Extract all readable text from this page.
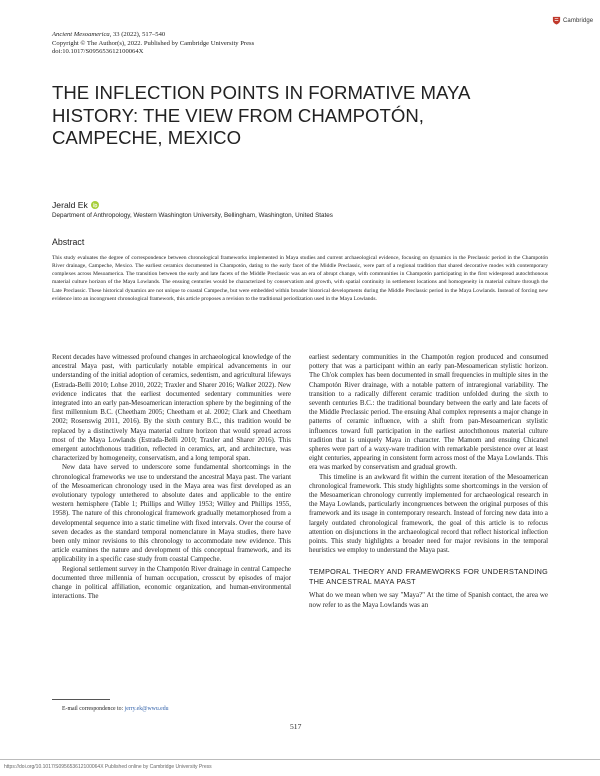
Ancient Mesoamerica, 33 (2022), 517–540
Copyright © The Author(s), 2022. Published by Cambridge University Press
doi:10.1017/S095653612100064X
Cambridge
THE INFLECTION POINTS IN FORMATIVE MAYA HISTORY: THE VIEW FROM CHAMPOTÓN, CAMPECHE, MEXICO
Jerald Ek
Department of Anthropology, Western Washington University, Bellingham, Washington, United States
Abstract
This study evaluates the degree of correspondence between chronological frameworks implemented in Maya studies and current archaeological evidence, focusing on dynamics in the Preclassic period in the Champotón River drainage, Campeche, Mexico. The earliest ceramics documented in Champotón, dating to the early facet of the Middle Preclassic, were part of a regional tradition that shared decorative modes with contemporary complexes across Mesoamerica. The transition between the early and late facets of the Middle Preclassic was an era of abrupt change, with communities in Champotón participating in the first widespread autochthonous material culture horizon of the Maya Lowlands. The ensuing centuries would be characterized by conservatism and growth, with spatial continuity in settlement locations and homogeneity in material culture through the Late Preclassic. These historical dynamics are not unique to coastal Campeche, but were embedded within broader historical developments during the Middle Preclassic period in the Maya Lowlands. Instead of forcing new evidence into an incongruent chronological framework, this article proposes a revision to the traditional periodization used in the Maya Lowlands.

Recent decades have witnessed profound changes in archaeological knowledge of the ancestral Maya past, with particularly notable empirical advancements in our understanding of the initial adoption of ceramics, sedentism, and agricultural lifeways (Estrada-Belli 2010; Lohse 2010, 2022; Traxler and Sharer 2016; Walker 2022). New evidence indicates that the earliest documented sedentary communities were integrated into an early pan-Mesoamerican interaction sphere by the beginning of the first millennium B.C. (Cheetham 2005; Cheetham et al. 2002; Clark and Cheetham 2002; Rosenswig 2011, 2016). By the sixth century B.C., this tradition would be replaced by a distinctively Maya material culture horizon that would spread across most of the Maya Lowlands (Estrada-Belli 2010; Traxler and Sharer 2016). This emergent autochthonous tradition, reflected in ceramics, art, and architecture, was characterized by homogeneity, conservatism, and a long temporal span.

New data have served to underscore some fundamental shortcomings in the chronological frameworks we use to understand the ancestral Maya past. The variant of the Mesoamerican chronology used in the Maya area was first developed as an evolutionary typology untethered to absolute dates and applicable to the entire western hemisphere (Table 1; Phillips and Willey 1953; Willey and Phillips 1955, 1958). The nature of this chronological framework gradually metamorphosed from a developmental sequence into a static timeline with fixed intervals. Over the course of seven decades as the standard temporal nomenclature in Maya studies, there have been only minor revisions to this chronology to accommodate new evidence. This article examines the nature and development of this conceptual framework, and its applicability in a specific case study from coastal Campeche.

Regional settlement survey in the Champotón River drainage in central Campeche documented three millennia of human occupation, crosscut by episodes of major change in political affiliation, economic organization, and human-environmental interactions. The

earliest sedentary communities in the Champotón region produced and consumed pottery that was a participant within an early pan-Mesoamerican stylistic horizon. The Ch'ok complex has been documented in small frequencies in multiple sites in the Champotón River drainage, with a notable pattern of intraregional variability. The transition to a radically different ceramic tradition unfolded during the sixth to seventh centuries B.C.: the traditional boundary between the early and late facets of the Middle Preclassic period. The ensuing Ahal complex represents a major change in patterns of ceramic influence, with a shift from pan-Mesoamerican stylistic influences toward full participation in the earliest autochthonous material culture tradition that is uniquely Maya in character. The Mamom and ensuing Chicanel spheres were part of a waxy-ware tradition with remarkable persistence over at least eight centuries, appearing in consistent form across most of the Maya Lowlands. This era was marked by conservatism and gradual growth.

This timeline is an awkward fit within the current iteration of the Mesoamerican chronological framework. This study highlights some shortcomings in the version of the Mesoamerican chronology currently implemented for archaeological research in the Maya Lowlands, particularly incongruences between the original purposes of this framework and its usage in contemporary research. Instead of forcing new data into a largely outdated chronological framework, the goal of this article is to refocus attention on disjunctions in the archaeological record that reflect historical inflection points. This study highlights a broader need for major revisions in the temporal heuristics we employ to understand the Maya past.

TEMPORAL THEORY AND FRAMEWORKS FOR UNDERSTANDING THE ANCESTRAL MAYA PAST

What do we mean when we say "Maya?" At the time of Spanish contact, the area we now refer to as the Maya Lowlands was an

E-mail correspondence to: jerry.ek@wwu.edu
517
https://doi.org/10.1017/S095653612100064X Published online by Cambridge University Press
